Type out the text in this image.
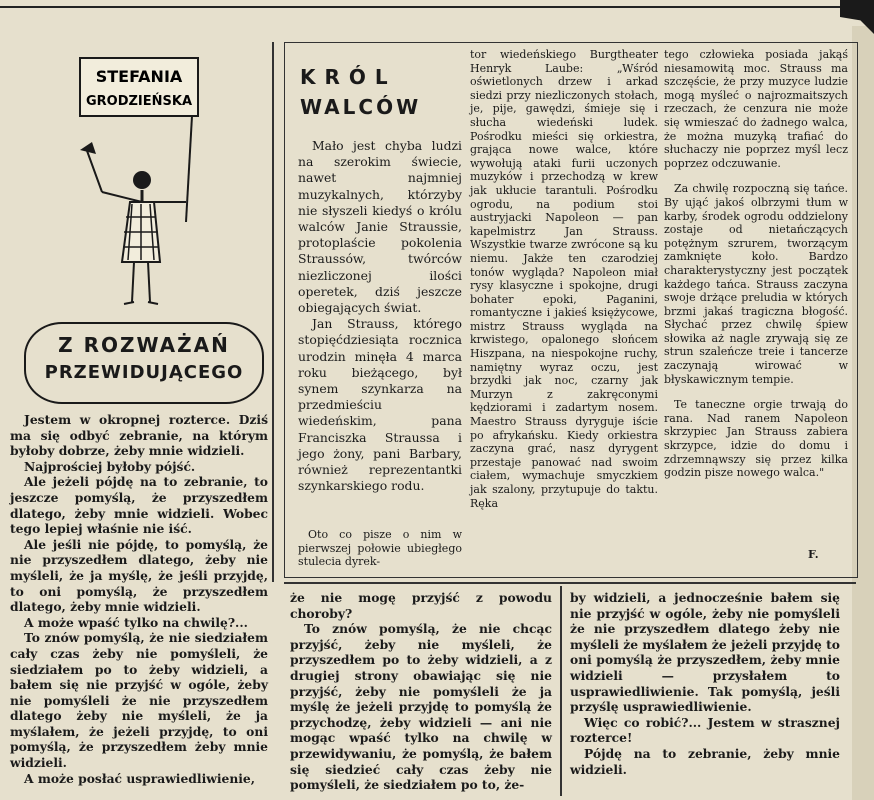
STEFANIA
GRODZIEŃSKA
Z ROZWAŻAŃ
PRZEWIDUJĄCEGO

Jestem w okropnej rozterce. Dziś ma się odbyć zebranie, na którym byłoby dobrze, żeby mnie widzieli.

Najprościej byłoby pójść.

Ale jeżeli pójdę na to zebranie, to jeszcze pomyślą, że przyszedłem dlatego, żeby mnie widzieli. Wobec tego lepiej właśnie nie iść.

Ale jeśli nie pójdę, to pomyślą, że nie przyszedłem dlatego, żeby nie myśleli, że ja myślę, że jeśli przyjdę, to oni pomyślą, że przyszedłem dlatego, żeby mnie widzieli.

A może wpaść tylko na chwilę?...

To znów pomyślą, że nie siedziałem cały czas żeby nie pomyśleli, że siedziałem po to żeby widzieli, a bałem się nie przyjść w ogóle, żeby nie pomyśleli że nie przyszedłem dlatego żeby nie myśleli, że ja myślałem, że jeżeli przyjdę, to oni pomyślą, że przyszedłem żeby mnie widzieli.

A może posłać usprawiedliwienie,

że nie mogę przyjść z powodu choroby?

To znów pomyślą, że nie chcąc przyjść, żeby nie myśleli, że przyszedłem po to żeby widzieli, a z drugiej strony obawiając się nie przyjść, żeby nie pomyśleli że ja myślę że jeżeli przyjdę to pomyślą że przychodzę, żeby widzieli — ani nie mogąc wpaść tylko na chwilę w przewidywaniu, że pomyślą, że bałem się siedzieć cały czas żeby nie pomyśleli, że siedziałem po to, że-

by widzieli, a jednocześnie bałem się nie przyjść w ogóle, żeby nie pomyśleli że nie przyszedłem dlatego żeby nie myśleli że myślałem że jeżeli przyjdę to oni pomyślą że przyszedłem, żeby mnie widzieli — przysłałem to usprawiedliwienie. Tak pomyślą, jeśli przyślę usprawiedliwienie.

Więc co robić?... Jestem w strasznej rozterce!

Pójdę na to zebranie, żeby mnie widzieli.

KRÓL
WALCÓW

Mało jest chyba ludzi na szerokim świecie, nawet najmniej muzykalnych, którzyby nie słyszeli kiedyś o królu walców Janie Straussie, protoplaście pokolenia Straussów, twórców niezliczonej ilości operetek, dziś jeszcze obiegających świat.

Jan Strauss, którego stopięćdziesiąta rocznica urodzin minęła 4 marca roku bieżącego, był synem szynkarza na przedmieściu wiedeńskim, pana Franciszka Straussa i jego żony, pani Barbary, również reprezentantki szynkarskiego rodu.

Oto co pisze o nim w pierwszej połowie ubiegłego stulecia dyrek-

tor wiedeńskiego Burgtheater Henryk Laube: „Wśród oświetlonych drzew i arkad siedzi przy niezliczonych stołach, je, pije, gawędzi, śmieje się i słucha wiedeński ludek. Pośrodku mieści się orkiestra, grająca nowe walce, które wywołują ataki furii uczonych muzyków i przechodzą w krew jak ukłucie tarantuli. Pośrodku ogrodu, na podium stoi austryjacki Napoleon — pan kapelmistrz Jan Strauss. Wszystkie twarze zwrócone są ku niemu. Jakże ten czarodziej tonów wygląda? Napoleon miał rysy klasyczne i spokojne, drugi bohater epoki, Paganini, romantyczne i jakieś księżycowe, mistrz Strauss wygląda na krwistego, opalonego słońcem Hiszpana, na niespokojne ruchy, namiętny wyraz oczu, jest brzydki jak noc, czarny jak Murzyn z zakręconymi kędziorami i zadartym nosem. Maestro Strauss dyryguje iście po afrykańsku. Kiedy orkiestra zaczyna grać, nasz dyrygent przestaje panować nad swoim ciałem, wymachuje smyczkiem jak szalony, przytupuje do taktu. Ręka

tego człowieka posiada jakąś niesamowitą moc. Strauss ma szczęście, że przy muzyce ludzie mogą myśleć o najrozmaitszych rzeczach, że cenzura nie może się wmieszać do żadnego walca, że można muzyką trafiać do słuchaczy nie poprzez myśl lecz poprzez odczuwanie.

Za chwilę rozpoczną się tańce. By ująć jakoś olbrzymi tłum w karby, środek ogrodu oddzielony zostaje od nietańczących potężnym szrurem, tworzącym zamknięte koło. Bardzo charakterystyczny jest początek każdego tańca. Strauss zaczyna swoje drżące preludia w których brzmi jakaś tragiczna błogość. Słychać przez chwilę śpiew słowika aż nagle zrywają się ze strun szaleńcze treie i tancerze zaczynają wirować w błyskawicznym tempie.

Te taneczne orgie trwają do rana. Nad ranem Napoleon skrzypiec Jan Strauss zabiera skrzypce, idzie do domu i zdrzemnąwszy się przez kilka godzin pisze nowego walca."

F.
